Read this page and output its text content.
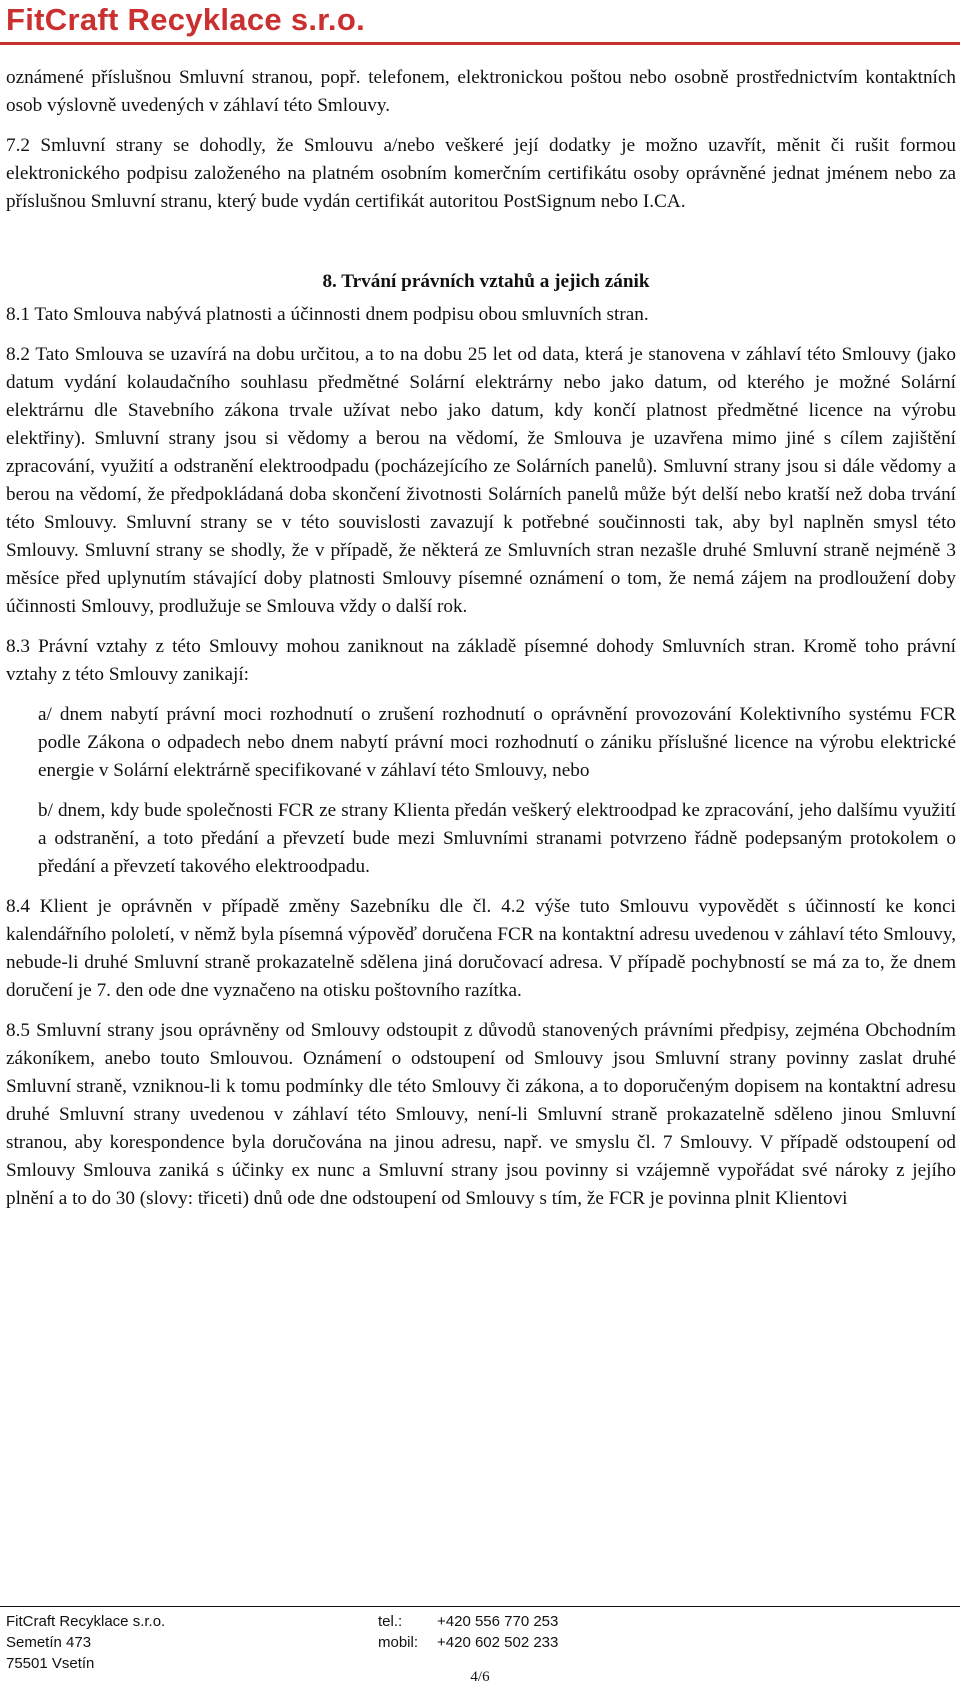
FitCraft Recyklace s.r.o.

oznámené příslušnou Smluvní stranou, popř. telefonem, elektronickou poštou nebo osobně prostřednictvím kontaktních osob výslovně uvedených v záhlaví této Smlouvy.

7.2 Smluvní strany se dohodly, že Smlouvu a/nebo veškeré její dodatky je možno uzavřít, měnit či rušit formou elektronického podpisu založeného na platném osobním komerčním certifikátu osoby oprávněné jednat jménem nebo za příslušnou Smluvní stranu, který bude vydán certifikát autoritou PostSignum nebo I.CA.

8. Trvání právních vztahů a jejich zánik

8.1 Tato Smlouva nabývá platnosti a účinnosti dnem podpisu obou smluvních stran.

8.2 Tato Smlouva se uzavírá na dobu určitou, a to na dobu 25 let od data, která je stanovena v záhlaví této Smlouvy (jako datum vydání kolaudačního souhlasu předmětné Solární elektrárny nebo jako datum, od kterého je možné Solární elektrárnu dle Stavebního zákona trvale užívat nebo jako datum, kdy končí platnost předmětné licence na výrobu elektřiny). Smluvní strany jsou si vědomy a berou na vědomí, že Smlouva je uzavřena mimo jiné s cílem zajištění zpracování, využití a odstranění elektroodpadu (pocházejícího ze Solárních panelů). Smluvní strany jsou si dále vědomy a berou na vědomí, že předpokládaná doba skončení životnosti Solárních panelů může být delší nebo kratší než doba trvání této Smlouvy. Smluvní strany se v této souvislosti zavazují k potřebné součinnosti tak, aby byl naplněn smysl této Smlouvy. Smluvní strany se shodly, že v případě, že některá ze Smluvních stran nezašle druhé Smluvní straně nejméně 3 měsíce před uplynutím stávající doby platnosti Smlouvy písemné oznámení o tom, že nemá zájem na prodloužení doby účinnosti Smlouvy, prodlužuje se Smlouva vždy o další rok.

8.3 Právní vztahy z této Smlouvy mohou zaniknout na základě písemné dohody Smluvních stran. Kromě toho právní vztahy z této Smlouvy zanikají:

a/ dnem nabytí právní moci rozhodnutí o zrušení rozhodnutí o oprávnění provozování Kolektivního systému FCR podle Zákona o odpadech nebo dnem nabytí právní moci rozhodnutí o zániku příslušné licence na výrobu elektrické energie v Solární elektrárně specifikované v záhlaví této Smlouvy, nebo

b/ dnem, kdy bude společnosti FCR ze strany Klienta předán veškerý elektroodpad ke zpracování, jeho dalšímu využití a odstranění, a toto předání a převzetí bude mezi Smluvními stranami potvrzeno řádně podepsaným protokolem o předání a převzetí takového elektroodpadu.

8.4 Klient je oprávněn v případě změny Sazebníku dle čl. 4.2 výše tuto Smlouvu vypovědět s účinností ke konci kalendářního pololetí, v němž byla písemná výpověď doručena FCR na kontaktní adresu uvedenou v záhlaví této Smlouvy, nebude-li druhé Smluvní straně prokazatelně sdělena jiná doručovací adresa. V případě pochybností se má za to, že dnem doručení je 7. den ode dne vyznačeno na otisku poštovního razítka.

8.5 Smluvní strany jsou oprávněny od Smlouvy odstoupit z důvodů stanovených právními předpisy, zejména Obchodním zákoníkem, anebo touto Smlouvou. Oznámení o odstoupení od Smlouvy jsou Smluvní strany povinny zaslat druhé Smluvní straně, vzniknou-li k tomu podmínky dle této Smlouvy či zákona, a to doporučeným dopisem na kontaktní adresu druhé Smluvní strany uvedenou v záhlaví této Smlouvy, není-li Smluvní straně prokazatelně sděleno jinou Smluvní stranou, aby korespondence byla doručována na jinou adresu, např. ve smyslu čl. 7 Smlouvy. V případě odstoupení od Smlouvy Smlouva zaniká s účinky ex nunc a Smluvní strany jsou povinny si vzájemně vypořádat své nároky z jejího plnění a to do 30 (slovy: třiceti) dnů ode dne odstoupení od Smlouvy s tím, že FCR je povinna plnit Klientovi

FitCraft Recyklace s.r.o.
Semetín 473
75501 Vsetín
tel.:
mobil:
+420 556 770 253
+420 602 502 233
4/6
